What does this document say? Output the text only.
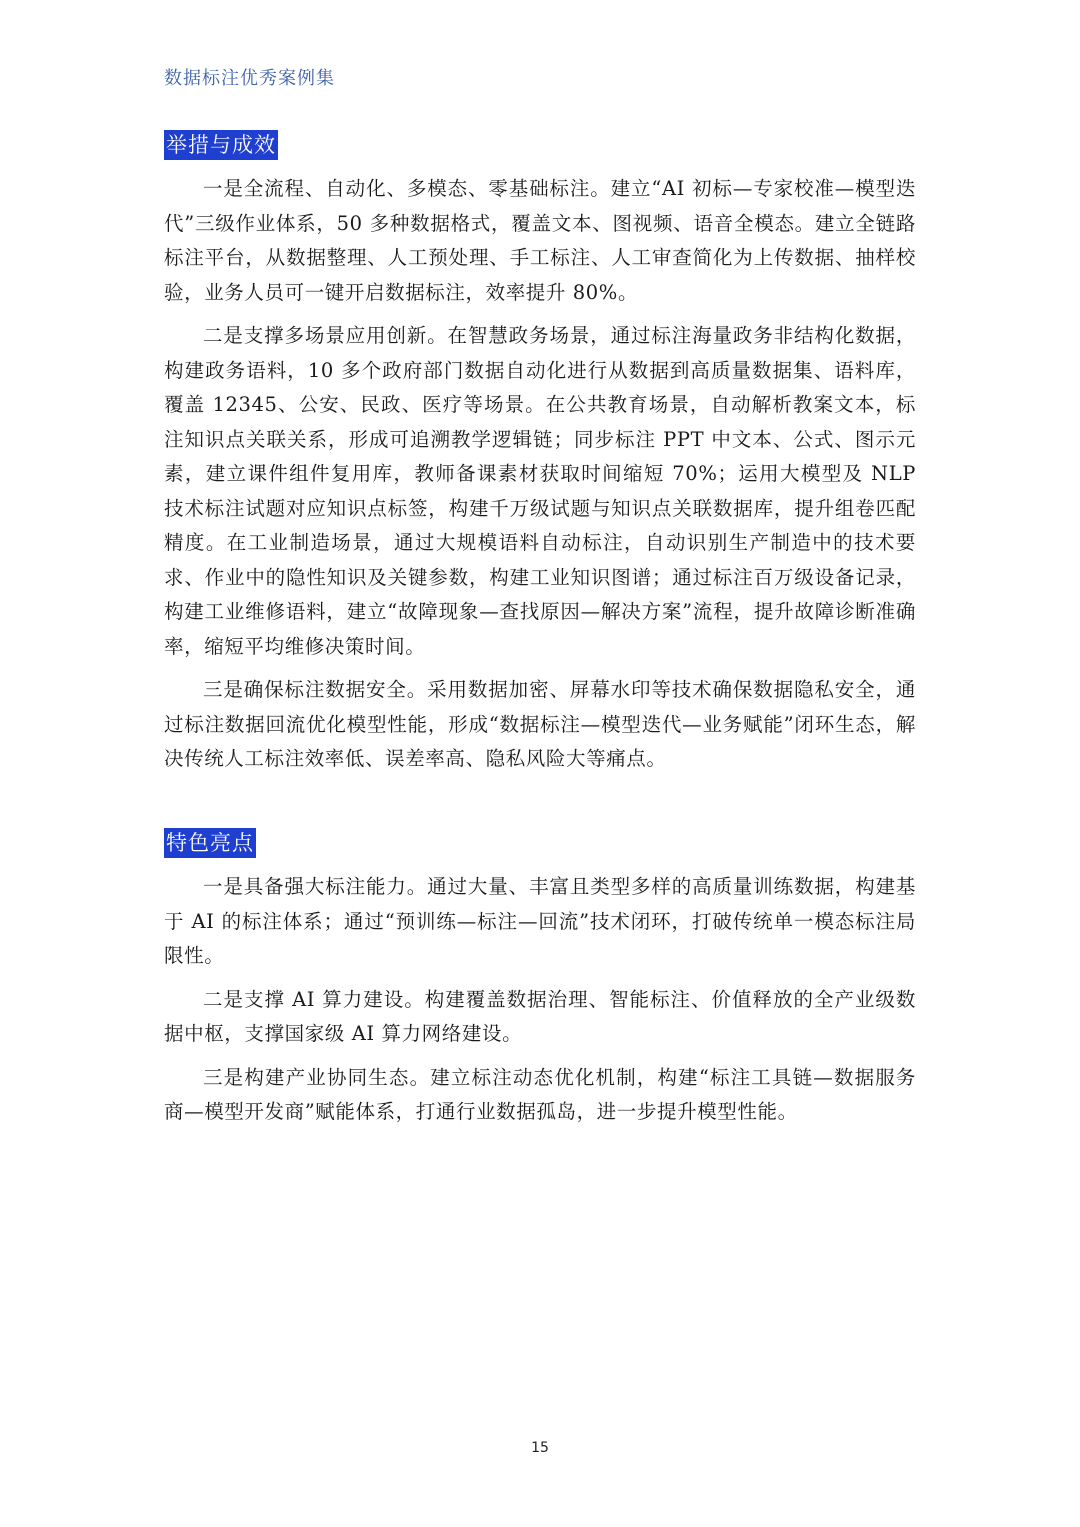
数据标注优秀案例集
举措与成效

一是全流程、自动化、多模态、零基础标注。建立“AI 初标—专家校准—模型迭代”三级作业体系，50 多种数据格式，覆盖文本、图视频、语音全模态。建立全链路标注平台，从数据整理、人工预处理、手工标注、人工审查简化为上传数据、抽样校验，业务人员可一键开启数据标注，效率提升 80%。

二是支撑多场景应用创新。在智慧政务场景，通过标注海量政务非结构化数据，构建政务语料，10 多个政府部门数据自动化进行从数据到高质量数据集、语料库，覆盖 12345、公安、民政、医疗等场景。在公共教育场景，自动解析教案文本，标注知识点关联关系，形成可追溯教学逻辑链；同步标注 PPT 中文本、公式、图示元素，建立课件组件复用库，教师备课素材获取时间缩短 70%；运用大模型及 NLP 技术标注试题对应知识点标签，构建千万级试题与知识点关联数据库，提升组卷匹配精度。在工业制造场景，通过大规模语料自动标注，自动识别生产制造中的技术要求、作业中的隐性知识及关键参数，构建工业知识图谱；通过标注百万级设备记录，构建工业维修语料，建立“故障现象—查找原因—解决方案”流程，提升故障诊断准确率，缩短平均维修决策时间。

三是确保标注数据安全。采用数据加密、屏幕水印等技术确保数据隐私安全，通过标注数据回流优化模型性能，形成“数据标注—模型迭代—业务赋能”闭环生态，解决传统人工标注效率低、误差率高、隐私风险大等痛点。

特色亮点

一是具备强大标注能力。通过大量、丰富且类型多样的高质量训练数据，构建基于 AI 的标注体系；通过“预训练—标注—回流”技术闭环，打破传统单一模态标注局限性。

二是支撑 AI 算力建设。构建覆盖数据治理、智能标注、价值释放的全产业级数据中枢，支撑国家级 AI 算力网络建设。

三是构建产业协同生态。建立标注动态优化机制，构建“标注工具链—数据服务商—模型开发商”赋能体系，打通行业数据孤岛，进一步提升模型性能。

15
